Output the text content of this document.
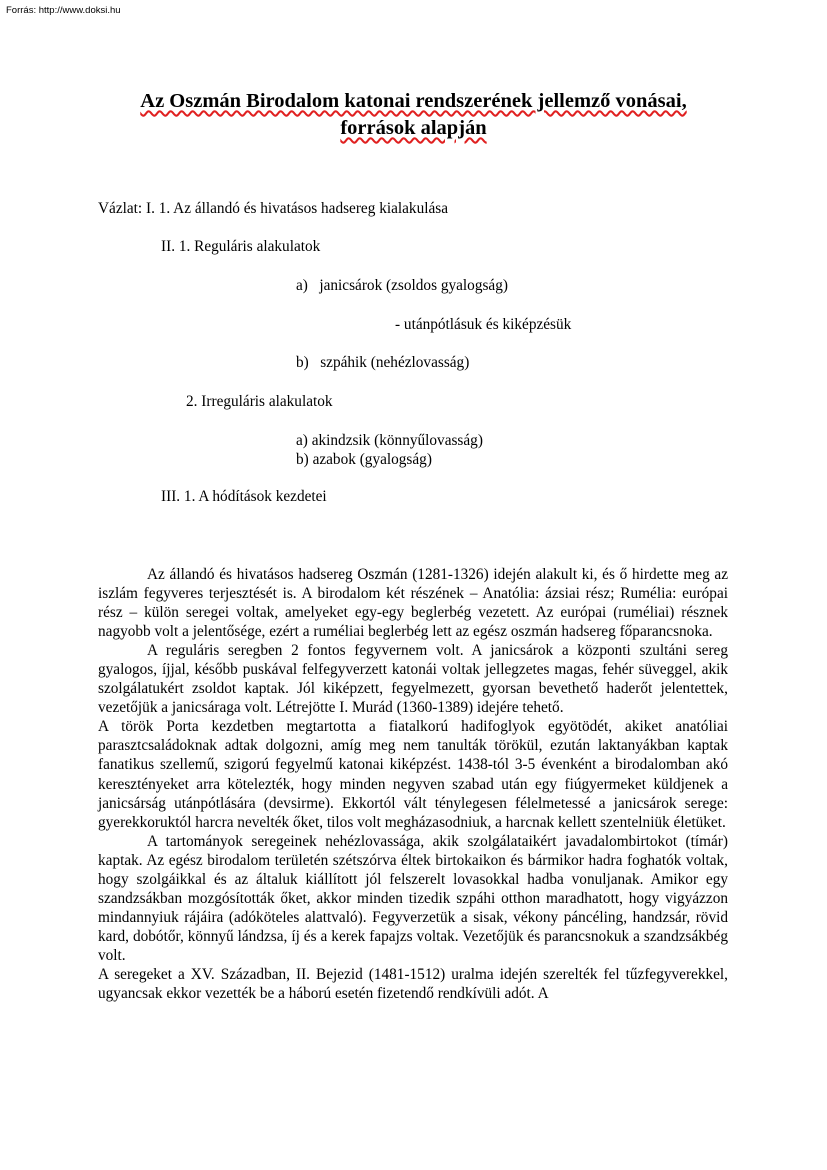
Forrás: http://www.doksi.hu
Az Oszmán Birodalom katonai rendszerének jellemző vonásai,
források alapján
Vázlat: I. 1. Az állandó és hivatásos hadsereg kialakulása
II. 1. Reguláris alakulatok
a)   janicsárok (zsoldos gyalogság)
- utánpótlásuk és kiképzésük
b)   szpáhik (nehézlovasság)
2. Irreguláris alakulatok
a) akindzsik (könnyűlovasság)
b) azabok (gyalogság)
III. 1. A hódítások kezdetei

Az állandó és hivatásos hadsereg Oszmán (1281-1326) idején alakult ki, és ő hirdette meg az iszlám fegyveres terjesztését is. A birodalom két részének – Anatólia: ázsiai rész; Ruméliа: európai rész – külön seregei voltak, amelyeket egy-egy beglerbég vezetett. Az európai (ruméliai) résznek nagyobb volt a jelentősége, ezért a ruméliai beglerbég lett az egész oszmán hadsereg főparancsnoka.

A reguláris seregben 2 fontos fegyvernem volt. A janicsárok a központi szultáni sereg gyalogos, íjjal, később puskával felfegyverzett katonái voltak jellegzetes magas, fehér süveggel, akik szolgálatukért zsoldot kaptak. Jól kiképzett, fegyelmezett, gyorsan bevethető haderőt jelentettek, vezetőjük a janicsáraga volt. Létrejötte I. Murád (1360-1389) idejére tehető.

A török Porta kezdetben megtartotta a fiatalkorú hadifoglyok egyötödét, akiket anatóliai parasztcsaládoknak adtak dolgozni, amíg meg nem tanulták törökül, ezután laktanyákban kaptak fanatikus szellemű, szigorú fegyelmű katonai kiképzést. 1438-tól 3-5 évenként a birodalomban akó keresztényeket arra kötelezték, hogy minden negyven szabad után egy fiúgyermeket küldjenek a janicsárság utánpótlására (devsirme). Ekkortól vált ténylegesen félelmetessé a janicsárok serege: gyerekkoruktól harcra nevelték őket, tilos volt megházasodniuk, a harcnak kellett szentelniük életüket.

A tartományok seregeinek nehézlovassága, akik szolgálataikért javadalombirtokot (tímár) kaptak. Az egész birodalom területén szétszórva éltek birtokaikon és bármikor hadra foghatók voltak, hogy szolgáikkal és az általuk kiállított jól felszerelt lovasokkal hadba vonuljanak. Amikor egy szandzsákban mozgósították őket, akkor minden tizedik szpáhi otthon maradhatott, hogy vigyázzon mindannyiuk rájáira (adóköteles alattvaló). Fegyverzetük a sisak, vékony páncéling, handzsár, rövid kard, dobótőr, könnyű lándzsa, íj és a kerek fapajzs voltak. Vezetőjük és parancsnokuk a szandzsákbég volt.

A seregeket a XV. Században, II. Bejezid (1481-1512) uralma idején szerelték fel tűzfegyverekkel, ugyancsak ekkor vezették be a háború esetén fizetendő rendkívüli adót. A
